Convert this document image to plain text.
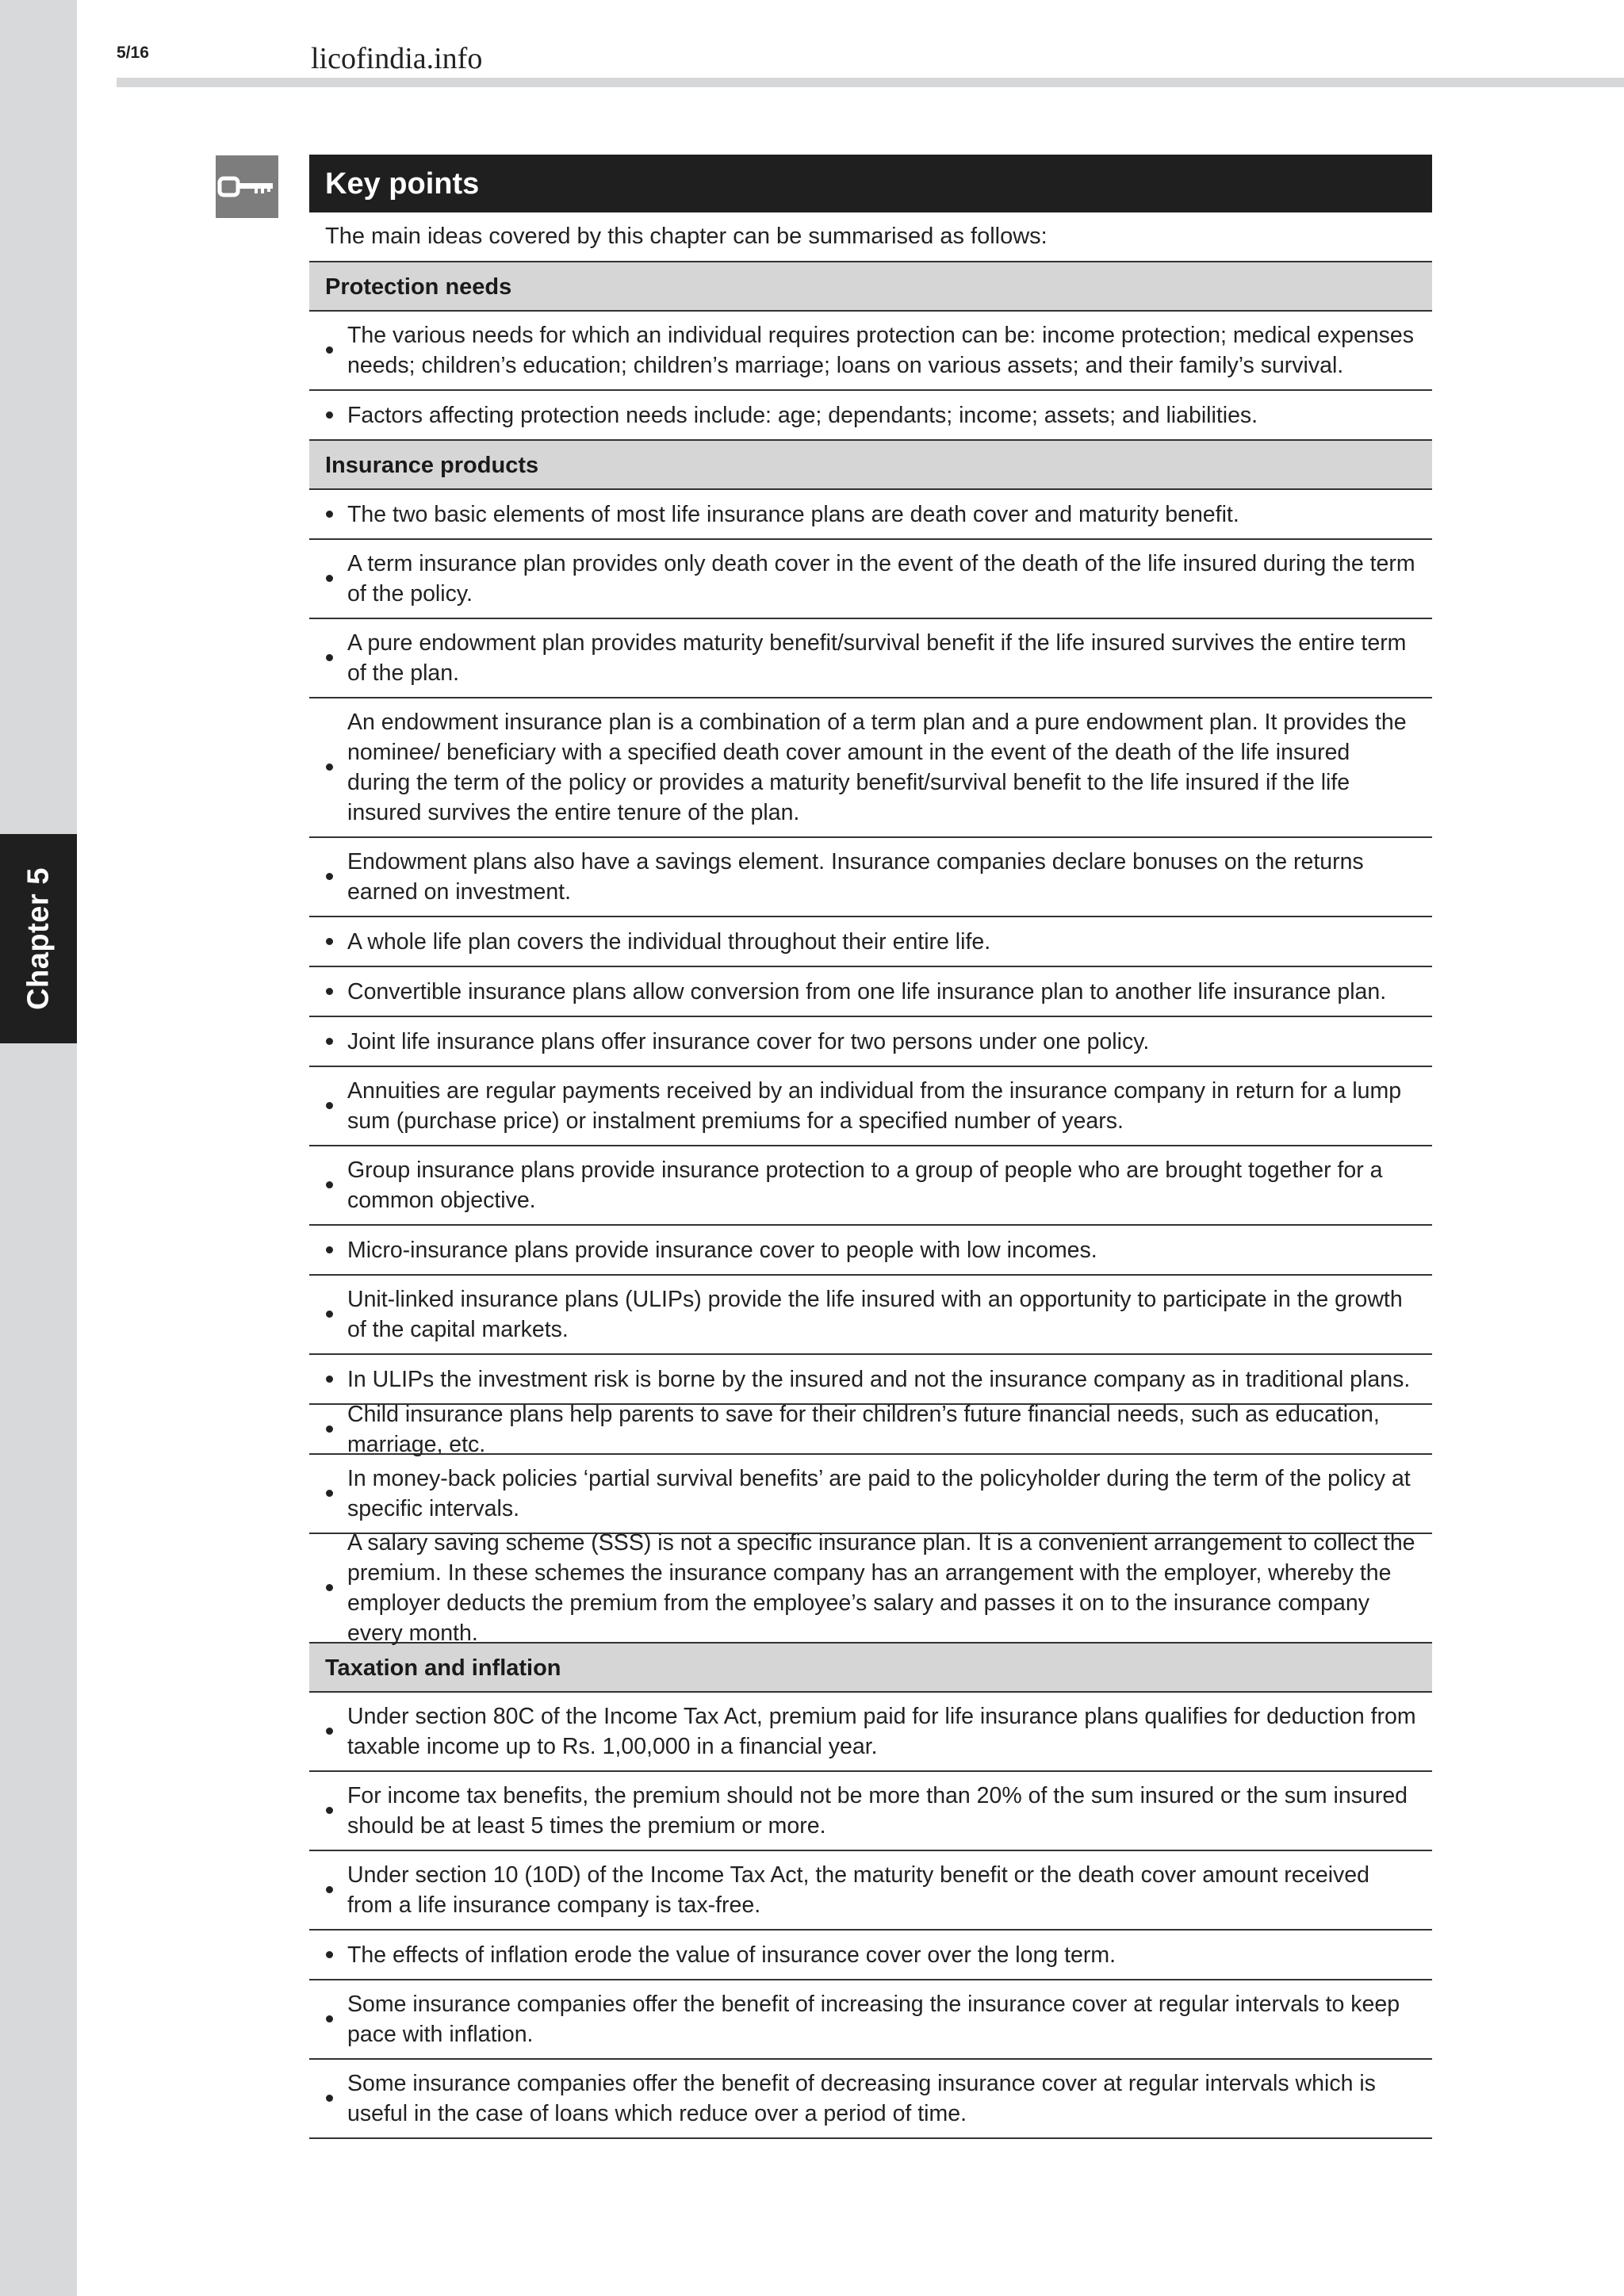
Chapter 5
5/16	licofindia.info
Key points
The main ideas covered by this chapter can be summarised as follows:
Protection needs
The various needs for which an individual requires protection can be: income protection; medical expenses needs; children’s education; children’s marriage; loans on various assets; and their family’s survival.
Factors affecting protection needs include: age; dependants; income; assets; and liabilities.
Insurance products
The two basic elements of most life insurance plans are death cover and maturity benefit.
A term insurance plan provides only death cover in the event of the death of the life insured during the term of the policy.
A pure endowment plan provides maturity benefit/survival benefit if the life insured survives the entire term of the plan.
An endowment insurance plan is a combination of a term plan and a pure endowment plan. It provides the nominee/ beneficiary with a specified death cover amount in the event of the death of the life insured during the term of the policy or provides a maturity benefit/survival benefit to the life insured if the life insured survives the entire tenure of the plan.
Endowment plans also have a savings element. Insurance companies declare bonuses on the returns earned on investment.
A whole life plan covers the individual throughout their entire life.
Convertible insurance plans allow conversion from one life insurance plan to another life insurance plan.
Joint life insurance plans offer insurance cover for two persons under one policy.
Annuities are regular payments received by an individual from the insurance company in return for a lump sum (purchase price) or instalment premiums for a specified number of years.
Group insurance plans provide insurance protection to a group of people who are brought together for a common objective.
Micro-insurance plans provide insurance cover to people with low incomes.
Unit-linked insurance plans (ULIPs) provide the life insured with an opportunity to participate in the growth of the capital markets.
In ULIPs the investment risk is borne by the insured and not the insurance company as in traditional plans.
Child insurance plans help parents to save for their children’s future financial needs, such as education, marriage, etc.
In money-back policies ‘partial survival benefits’ are paid to the policyholder during the term of the policy at specific intervals.
A salary saving scheme (SSS) is not a specific insurance plan. It is a convenient arrangement to collect the premium. In these schemes the insurance company has an arrangement with the employer, whereby the employer deducts the premium from the employee’s salary and passes it on to the insurance company every month.
Taxation and inflation
Under section 80C of the Income Tax Act, premium paid for life insurance plans qualifies for deduction from taxable income up to Rs. 1,00,000 in a financial year.
For income tax benefits, the premium should not be more than 20% of the sum insured or the sum insured should be at least 5 times the premium or more.
Under section 10 (10D) of the Income Tax Act, the maturity benefit or the death cover amount received from a life insurance company is tax-free.
The effects of inflation erode the value of insurance cover over the long term.
Some insurance companies offer the benefit of increasing the insurance cover at regular intervals to keep pace with inflation.
Some insurance companies offer the benefit of decreasing insurance cover at regular intervals which is useful in the case of loans which reduce over a period of time.
